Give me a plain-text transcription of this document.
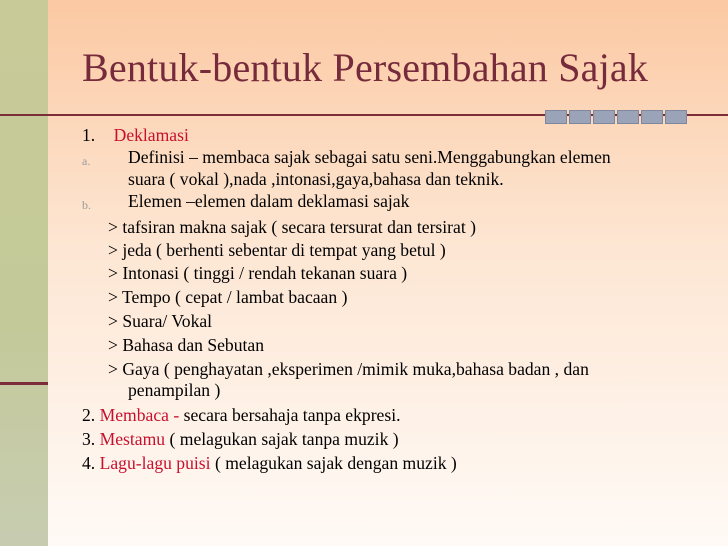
Bentuk-bentuk Persembahan Sajak
1. Deklamasi
a. Definisi – membaca sajak sebagai satu seni.Menggabungkan elemen
suara ( vokal ),nada ,intonasi,gaya,bahasa dan teknik.
b. Elemen –elemen dalam deklamasi sajak
> tafsiran makna sajak ( secara tersurat dan tersirat )
> jeda ( berhenti sebentar di tempat yang betul )
> Intonasi ( tinggi / rendah tekanan suara )
> Tempo ( cepat / lambat bacaan )
> Suara/ Vokal
> Bahasa dan Sebutan
> Gaya ( penghayatan ,eksperimen /mimik muka,bahasa badan , dan
penampilan )
2. Membaca - secara bersahaja tanpa ekpresi.
3. Mestamu ( melagukan sajak tanpa muzik )
4. Lagu-lagu puisi ( melagukan sajak dengan muzik )
